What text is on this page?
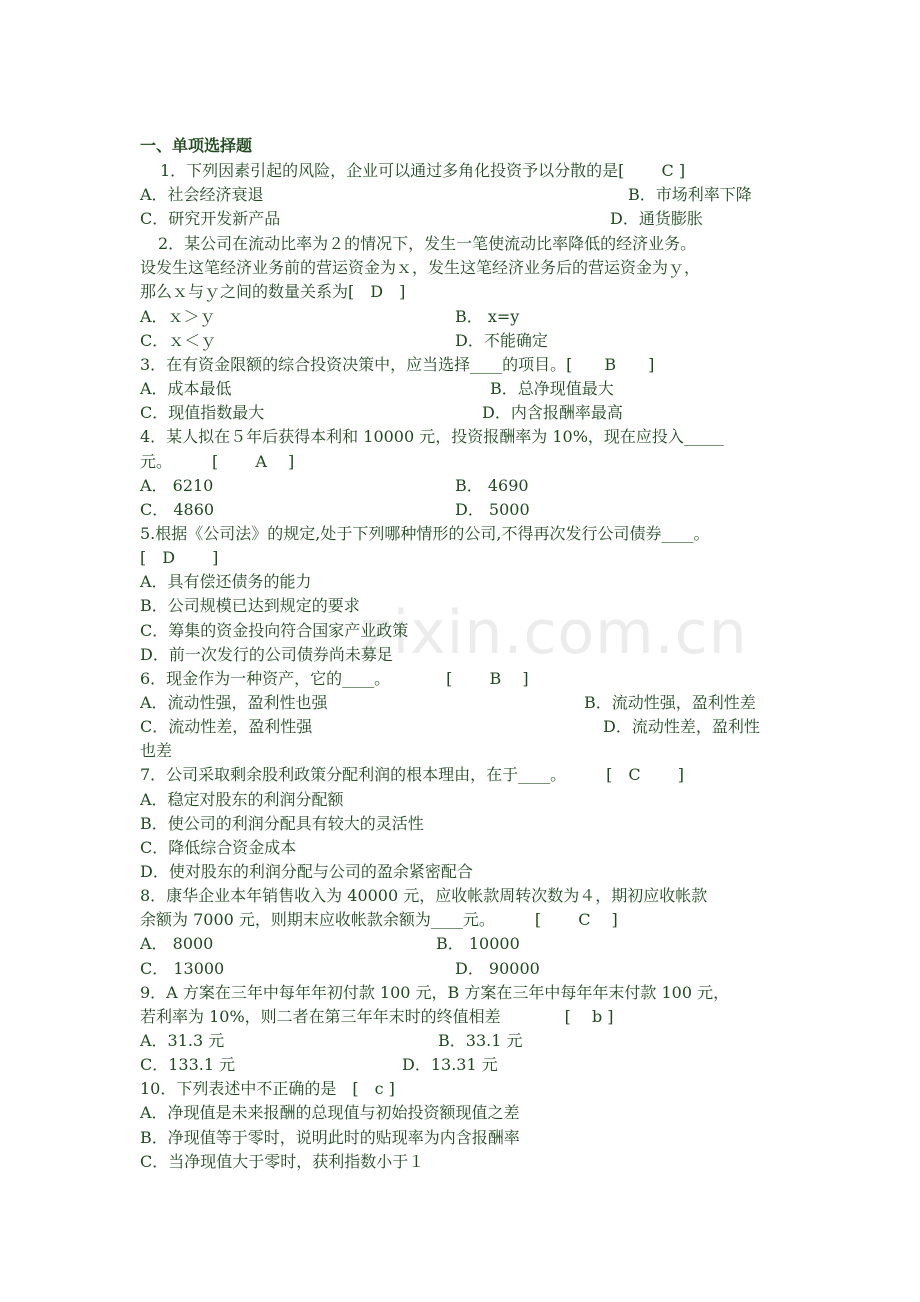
zixin.com.cn
一、单项选择题
1．下列因素引起的风险，企业可以通过多角化投资予以分散的是[　　 C ]
A．社会经济衰退	B．市场利率下降
C．研究开发新产品	D．通货膨胀
2．某公司在流动比率为２的情况下，发生一笔使流动比率降低的经济业务。
设发生这笔经济业务前的营运资金为ｘ，发生这笔经济业务后的营运资金为ｙ，
那么ｘ与ｙ之间的数量关系为[　D　]
A．ｘ＞ｙ	B． x=y
C．ｘ＜ｙ	D．不能确定
3．在有资金限额的综合投资决策中，应当选择____的项目。[　　B　　]
A．成本最低	B．总净现值最大
C．现值指数最大	D．内含报酬率最高
4．某人拟在５年后获得本利和 10000 元，投资报酬率为 10%，现在应投入_____
元。　　　[　　 A　 ]
A． 6210	B． 4690
C． 4860	D． 5000
5.根据《公司法》的规定,处于下列哪种情形的公司,不得再次发行公司债券____。
[　D　　 ]
A．具有偿还债务的能力
B．公司规模已达到规定的要求
C．筹集的资金投向符合国家产业政策
D．前一次发行的公司债券尚未募足
6．现金作为一种资产，它的____。　　　　[　　 B　 ]
A．流动性强，盈利性也强	B．流动性强，盈利性差
C．流动性差，盈利性强	D．流动性差，盈利性
也差
7．公司采取剩余股利政策分配利润的根本理由，在于____。　　　[　C　　 ]
A．稳定对股东的利润分配额
B．使公司的利润分配具有较大的灵活性
C．降低综合资金成本
D．使对股东的利润分配与公司的盈余紧密配合
8．康华企业本年销售收入为 40000 元，应收帐款周转次数为４，期初应收帐款
余额为 7000 元，则期末应收帐款余额为____元。　　　[　　 C　 ]
A． 8000	B． 10000
C． 13000	D． 90000
9．A 方案在三年中每年年初付款 100 元，B 方案在三年中每年年末付款 100 元，
若利率为 10%，则二者在第三年年末时的终值相差　　　　[　 b ]
A．31.3 元	B．33.1 元
C．133.1 元	D．13.31 元
10．下列表述中不正确的是　[　c ]
A．净现值是未来报酬的总现值与初始投资额现值之差
B．净现值等于零时，说明此时的贴现率为内含报酬率
C．当净现值大于零时，获利指数小于１
